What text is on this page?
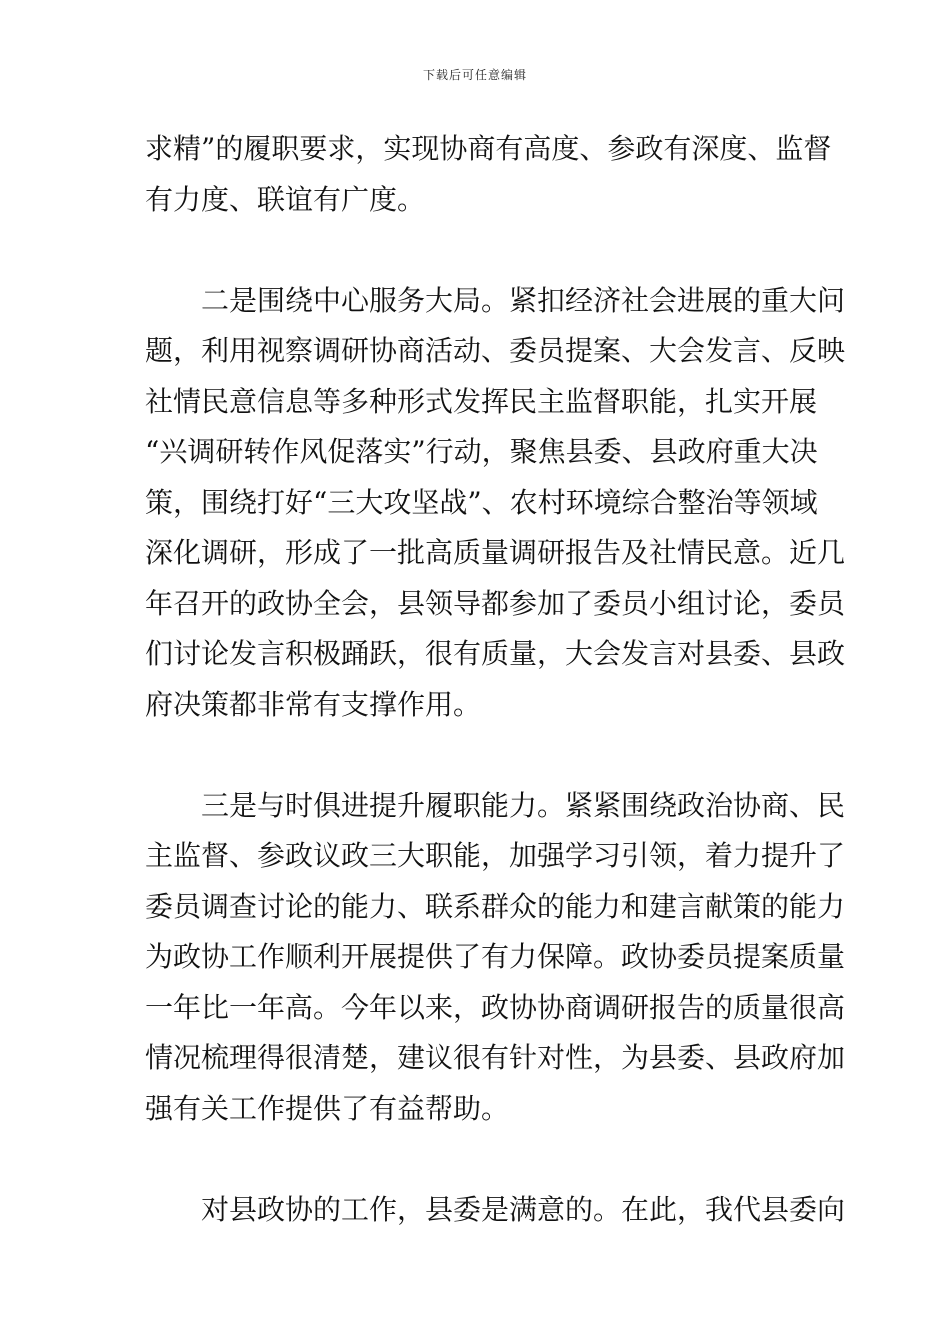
下载后可任意编辑
求精”的履职要求，实现协商有高度、参政有深度、监督
有力度、联谊有广度。
二是围绕中心服务大局。紧扣经济社会进展的重大问
题，利用视察调研协商活动、委员提案、大会发言、反映
社情民意信息等多种形式发挥民主监督职能，扎实开展
“兴调研转作风促落实”行动，聚焦县委、县政府重大决
策，围绕打好“三大攻坚战”、农村环境综合整治等领域
深化调研，形成了一批高质量调研报告及社情民意。近几
年召开的政协全会，县领导都参加了委员小组讨论，委员
们讨论发言积极踊跃，很有质量，大会发言对县委、县政
府决策都非常有支撑作用。
三是与时俱进提升履职能力。紧紧围绕政治协商、民
主监督、参政议政三大职能，加强学习引领，着力提升了
委员调查讨论的能力、联系群众的能力和建言献策的能力
为政协工作顺利开展提供了有力保障。政协委员提案质量
一年比一年高。今年以来，政协协商调研报告的质量很高
情况梳理得很清楚，建议很有针对性，为县委、县政府加
强有关工作提供了有益帮助。
对县政协的工作，县委是满意的。在此，我代县委向
